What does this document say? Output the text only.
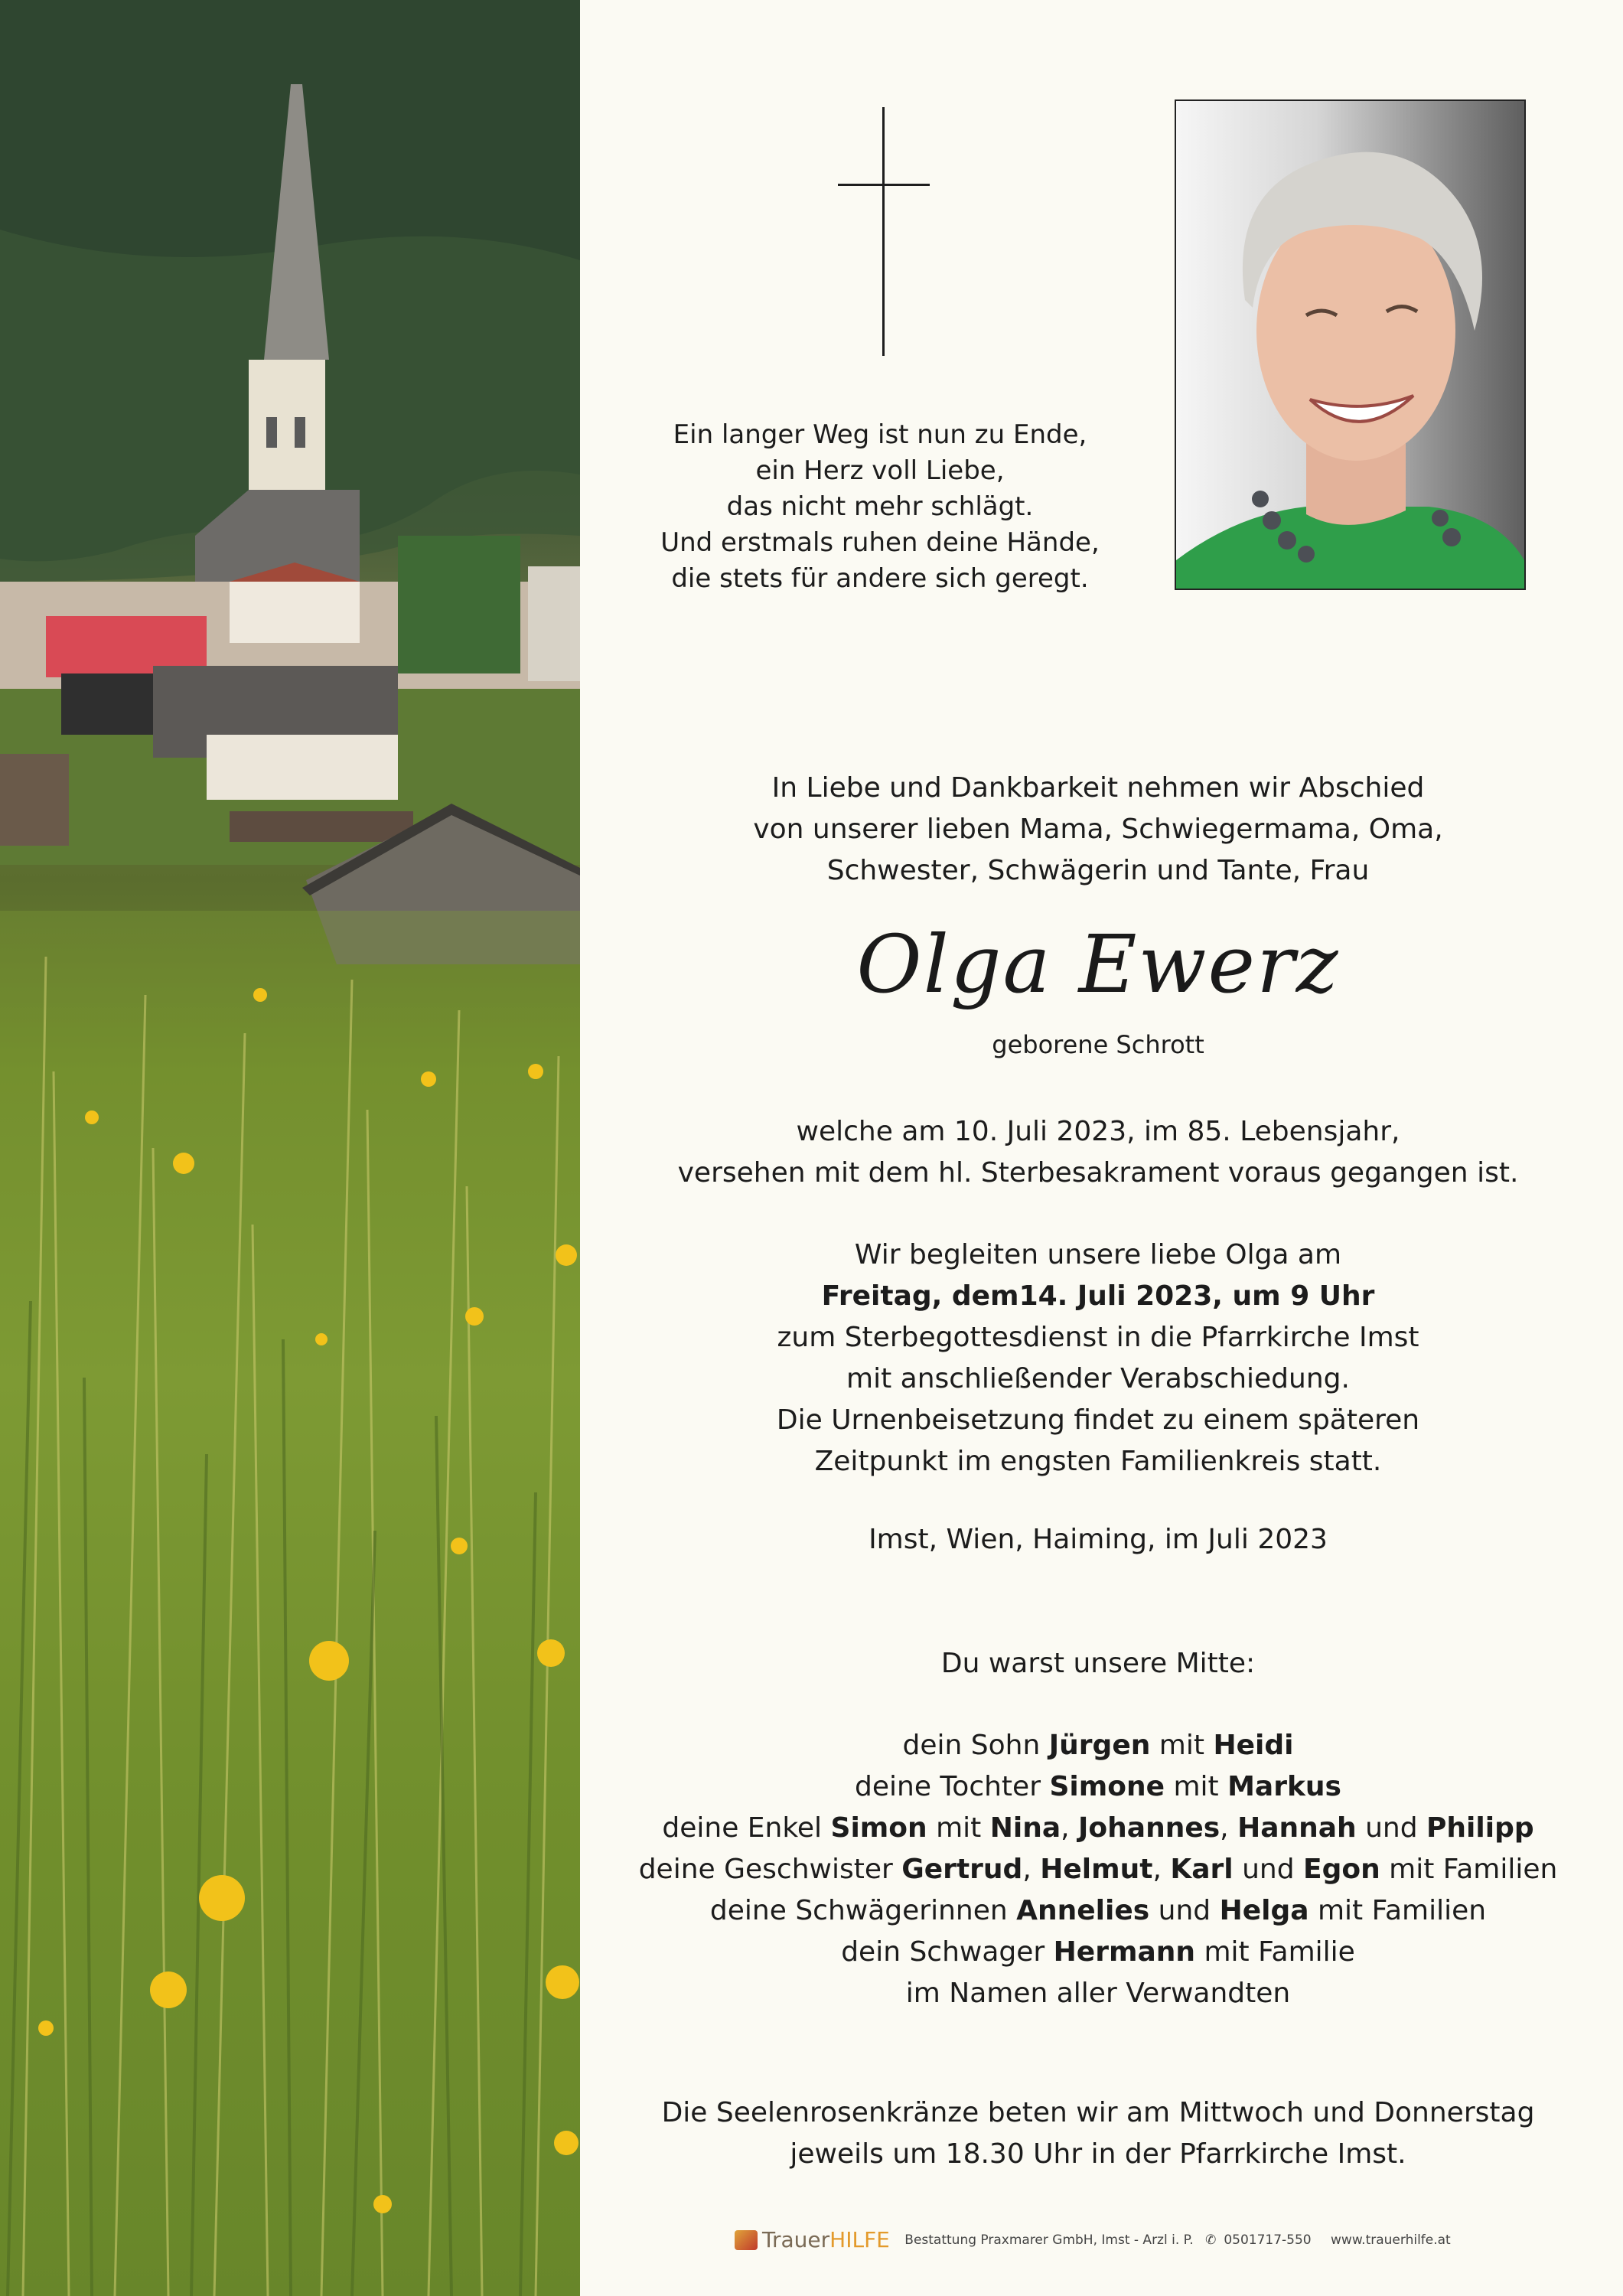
Ein langer Weg ist nun zu Ende,
ein Herz voll Liebe,
das nicht mehr schlägt.
Und erstmals ruhen deine Hände,
die stets für andere sich geregt.
In Liebe und Dankbarkeit nehmen wir Abschied
von unserer lieben Mama, Schwiegermama, Oma,
Schwester, Schwägerin und Tante, Frau
Olga Ewerz
geborene Schrott
welche am 10. Juli 2023, im 85. Lebensjahr,
versehen mit dem hl. Sterbesakrament voraus gegangen ist.
Wir begleiten unsere liebe Olga am
Freitag, dem14. Juli 2023, um 9 Uhr
zum Sterbegottesdienst in die Pfarrkirche Imst
mit anschließender Verabschiedung.
Die Urnenbeisetzung findet zu einem späteren
Zeitpunkt im engsten Familienkreis statt.
Imst, Wien, Haiming, im Juli 2023
Du warst unsere Mitte:
dein Sohn Jürgen mit Heidi
deine Tochter Simone mit Markus
deine Enkel Simon mit Nina, Johannes, Hannah und Philipp
deine Geschwister Gertrud, Helmut, Karl und Egon mit Familien
deine Schwägerinnen Annelies und Helga mit Familien
dein Schwager Hermann mit Familie
im Namen aller Verwandten
Die Seelenrosenkränze beten wir am Mittwoch und Donnerstag
jeweils um 18.30 Uhr in der Pfarrkirche Imst.
TrauerHILFE Bestattung Praxmarer GmbH, Imst - Arzl i. P. ✆ 0501717-550 www.trauerhilfe.at
